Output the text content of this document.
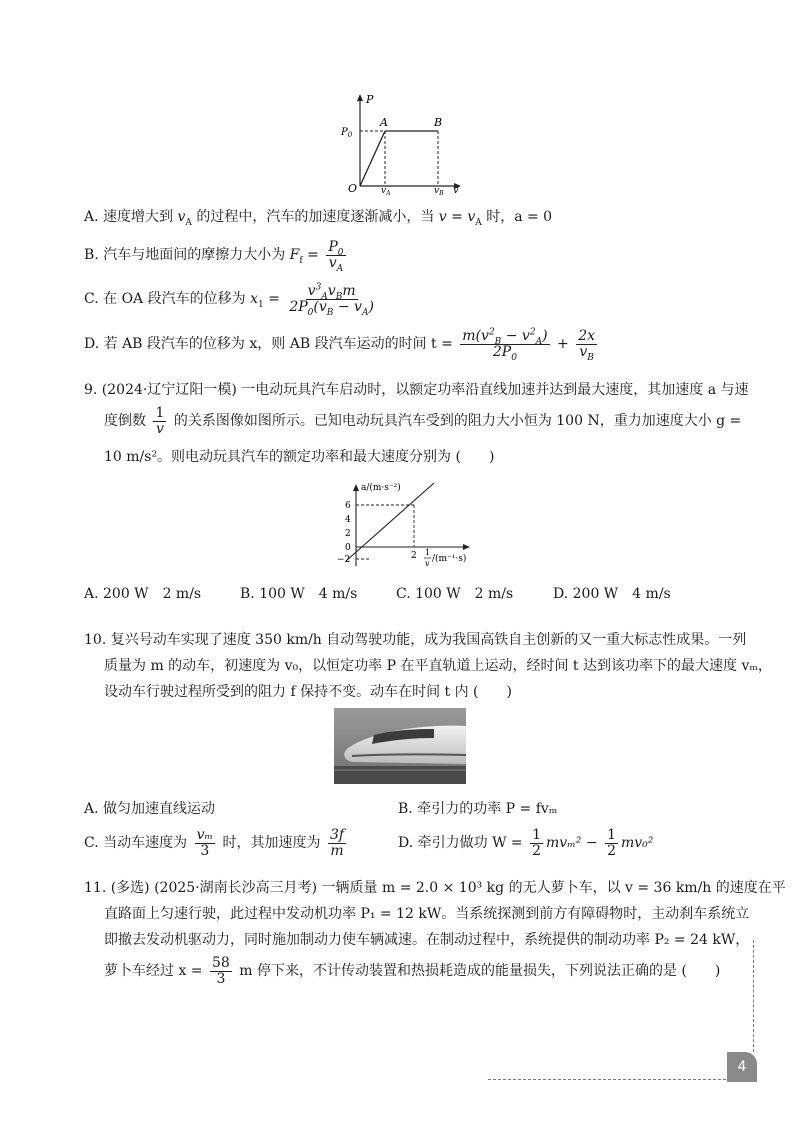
P
$P_0$
A	B
O	$v_A$	$v_B$ v
A. 速度增大到 $v_A$ 的过程中，汽车的加速度逐渐减小，当 $v = v_A$ 时，a = 0
B. 汽车与地面间的摩擦力大小为 $F_f = \frac{P_0}{v_A}$
C. 在 OA 段汽车的位移为 $x_1 = \frac{v^3_Av_Bm}{2P_0(v_B - v_A)}$
D. 若 AB 段汽车的位移为 x，则 AB 段汽车运动的时间 $t = \frac{m(v^2_B - v^2_A)}{2P_0} + \frac{2x}{v_B}$
9. (2024·辽宁辽阳一模) 一电动玩具汽车启动时，以额定功率沿直线加速并达到最大速度，其加速度 a 与速
度倒数 $\frac{1}{v}$ 的关系图像如图所示。已知电动玩具汽车受到的阻力大小恒为 100 N，重力加速度大小 g =
10 m/s²。则电动玩具汽车的额定功率和最大速度分别为 (　　)
a/(m·s⁻²)
6
4
2
0
−2	2 1
v /(m⁻¹·s)
A. 200 W　2 m/s	B. 100 W　4 m/s	C. 100 W　2 m/s	D. 200 W　4 m/s
10. 复兴号动车实现了速度 350 km/h 自动驾驶功能，成为我国高铁自主创新的又一重大标志性成果。一列
质量为 m 的动车，初速度为 v₀，以恒定功率 P 在平直轨道上运动，经时间 t 达到该功率下的最大速度 vₘ，
设动车行驶过程所受到的阻力 f 保持不变。动车在时间 t 内 (　　)
A. 做匀加速直线运动	B. 牵引力的功率 P = fvₘ
C. 当动车速度为 $\frac{\text{vₘ}}{3}$ 时，其加速度为 $\frac{3f}{m}$	D. 牵引力做功 $W = \frac{1}{2} mv_m^2 - \frac{1}{2} mv_0^2$
11. (多选) (2025·湖南长沙高三月考) 一辆质量 m = 2.0 × 10³ kg 的无人萝卜车，以 v = 36 km/h 的速度在平
直路面上匀速行驶，此过程中发动机功率 P₁ = 12 kW。当系统探测到前方有障碍物时，主动刹车系统立
即撤去发动机驱动力，同时施加制动力使车辆减速。在制动过程中，系统提供的制动功率 P₂ = 24 kW，
萝卜车经过 $x = \frac{58}{3}$ m 停下来，不计传动装置和热损耗造成的能量损失，下列说法正确的是 (　　)
4
